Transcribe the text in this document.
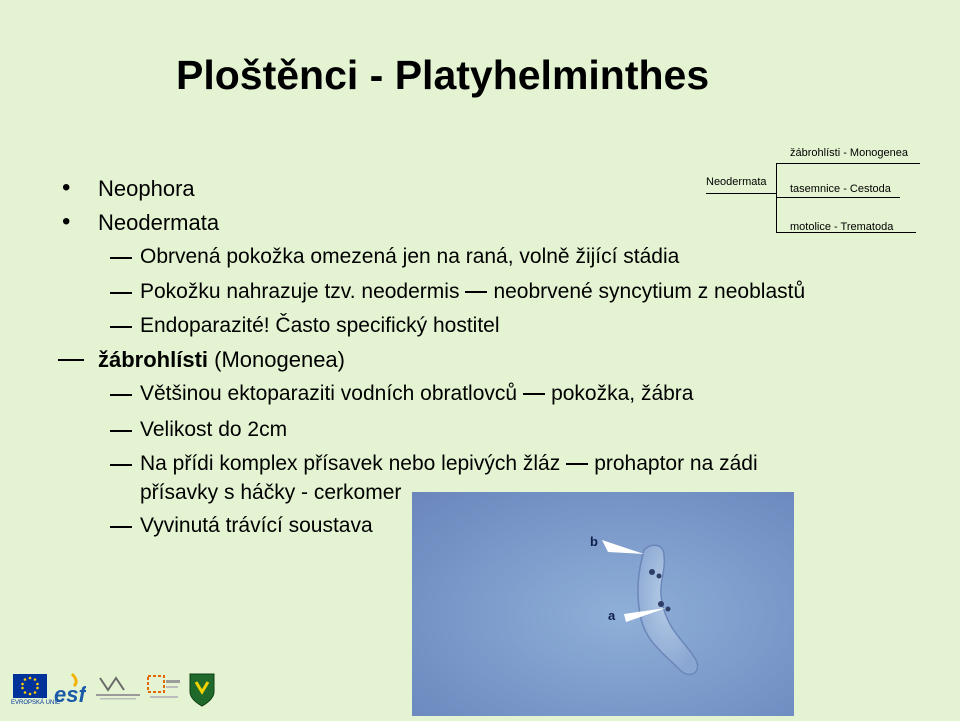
Ploštěnci - Platyhelminthes
Neodermata
žábrohlísti - Monogenea
tasemnice - Cestoda
motolice - Trematoda
• Neophora
• Neodermata
Obrvená pokožka omezená jen na raná, volně žijící stádia
Pokožku nahrazuje tzv. neodermis neobrvené syncytium z neoblastů
Endoparazité! Často specifický hostitel
žábrohlísti (Monogenea)
Většinou ektoparaziti vodních obratlovců pokožka, žábra
Velikost do 2cm
Na přídi komplex přísavek nebo lepivých žláz prohaptor na zádi
přísavky s háčky - cerkomer
Vyvinutá trávící soustava
b
a
EVROPSKÁ UNIE
esf
